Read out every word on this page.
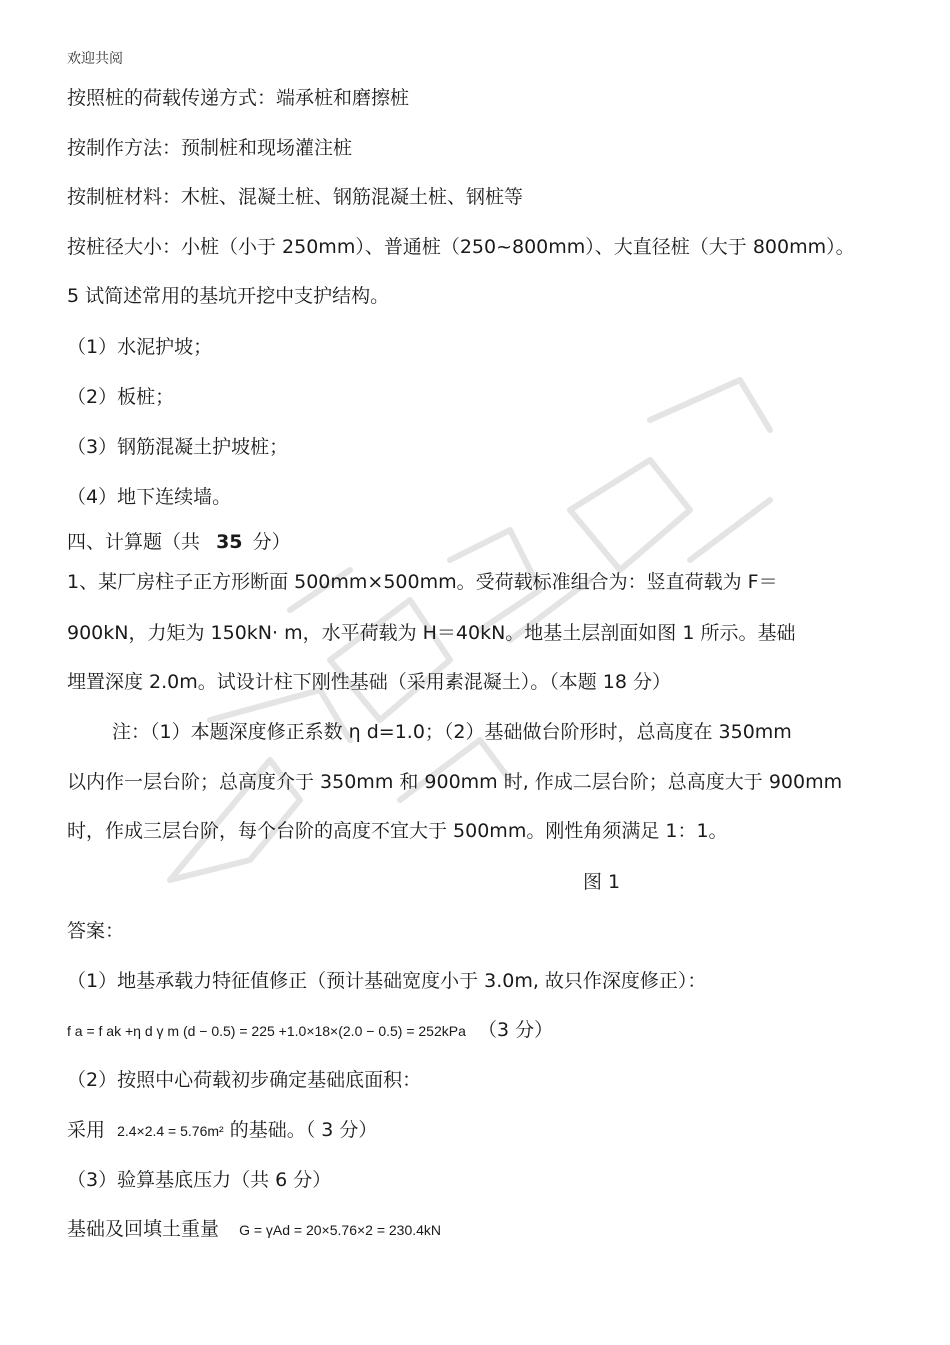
欢迎共阅
按照桩的荷载传递方式：端承桩和磨擦桩
按制作方法：预制桩和现场灌注桩
按制桩材料：木桩、混凝土桩、钢筋混凝土桩、钢桩等
按桩径大小：小桩（小于 250mm）、普通桩（250~800mm）、大直径桩（大于 800mm）。
5 试简述常用的基坑开挖中支护结构。
（1）水泥护坡；
（2）板桩；
（3）钢筋混凝土护坡桩；
（4）地下连续墙。
四、计算题（共 35 分）
1、某厂房柱子正方形断面 500mm×500mm。受荷载标准组合为：竖直荷载为 F＝
900kN，力矩为 150kN· m，水平荷载为 H＝40kN。地基土层剖面如图 1 所示。基础
埋置深度 2.0m。试设计柱下刚性基础（采用素混凝土）。（本题 18 分）
注：（1）本题深度修正系数 η d=1.0；（2）基础做台阶形时，总高度在 350mm
以内作一层台阶；总高度介于 350mm 和 900mm 时, 作成二层台阶；总高度大于 900mm
时，作成三层台阶，每个台阶的高度不宜大于 500mm。刚性角须满足 1：1。
图 1
答案：
（1）地基承载力特征值修正（预计基础宽度小于 3.0m, 故只作深度修正）：
f a = f ak +η d γ m (d − 0.5) = 225 +1.0×18×(2.0 − 0.5) = 252kPa （3 分）
（2）按照中心荷载初步确定基础底面积：
采用 2.4×2.4 = 5.76m² 的基础。（ 3 分）
（3）验算基底压力（共 6 分）
基础及回填土重量 G = γAd = 20×5.76×2 = 230.4kN
